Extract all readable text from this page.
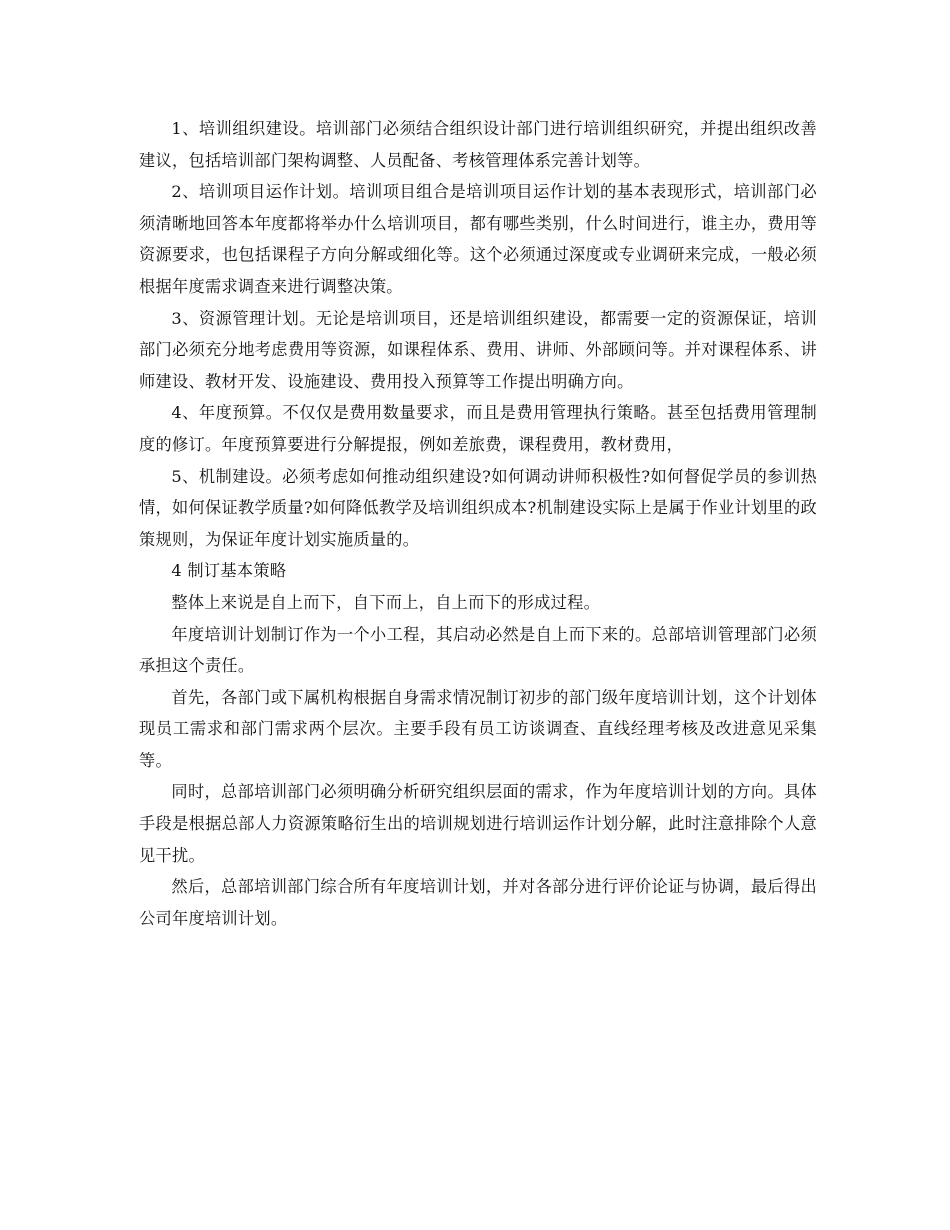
1、培训组织建设。培训部门必须结合组织设计部门进行培训组织研究，并提出组织改善建议，包括培训部门架构调整、人员配备、考核管理体系完善计划等。

2、培训项目运作计划。培训项目组合是培训项目运作计划的基本表现形式，培训部门必须清晰地回答本年度都将举办什么培训项目，都有哪些类别，什么时间进行，谁主办，费用等资源要求，也包括课程子方向分解或细化等。这个必须通过深度或专业调研来完成，一般必须根据年度需求调查来进行调整决策。

3、资源管理计划。无论是培训项目，还是培训组织建设，都需要一定的资源保证，培训部门必须充分地考虑费用等资源，如课程体系、费用、讲师、外部顾问等。并对课程体系、讲师建设、教材开发、设施建设、费用投入预算等工作提出明确方向。

4、年度预算。不仅仅是费用数量要求，而且是费用管理执行策略。甚至包括费用管理制度的修订。年度预算要进行分解提报，例如差旅费，课程费用，教材费用，

5、机制建设。必须考虑如何推动组织建设?如何调动讲师积极性?如何督促学员的参训热情，如何保证教学质量?如何降低教学及培训组织成本?机制建设实际上是属于作业计划里的政策规则，为保证年度计划实施质量的。

4 制订基本策略

整体上来说是自上而下，自下而上，自上而下的形成过程。

年度培训计划制订作为一个小工程，其启动必然是自上而下来的。总部培训管理部门必须承担这个责任。

首先，各部门或下属机构根据自身需求情况制订初步的部门级年度培训计划，这个计划体现员工需求和部门需求两个层次。主要手段有员工访谈调查、直线经理考核及改进意见采集等。

同时，总部培训部门必须明确分析研究组织层面的需求，作为年度培训计划的方向。具体手段是根据总部人力资源策略衍生出的培训规划进行培训运作计划分解，此时注意排除个人意见干扰。

然后，总部培训部门综合所有年度培训计划，并对各部分进行评价论证与协调，最后得出公司年度培训计划。
